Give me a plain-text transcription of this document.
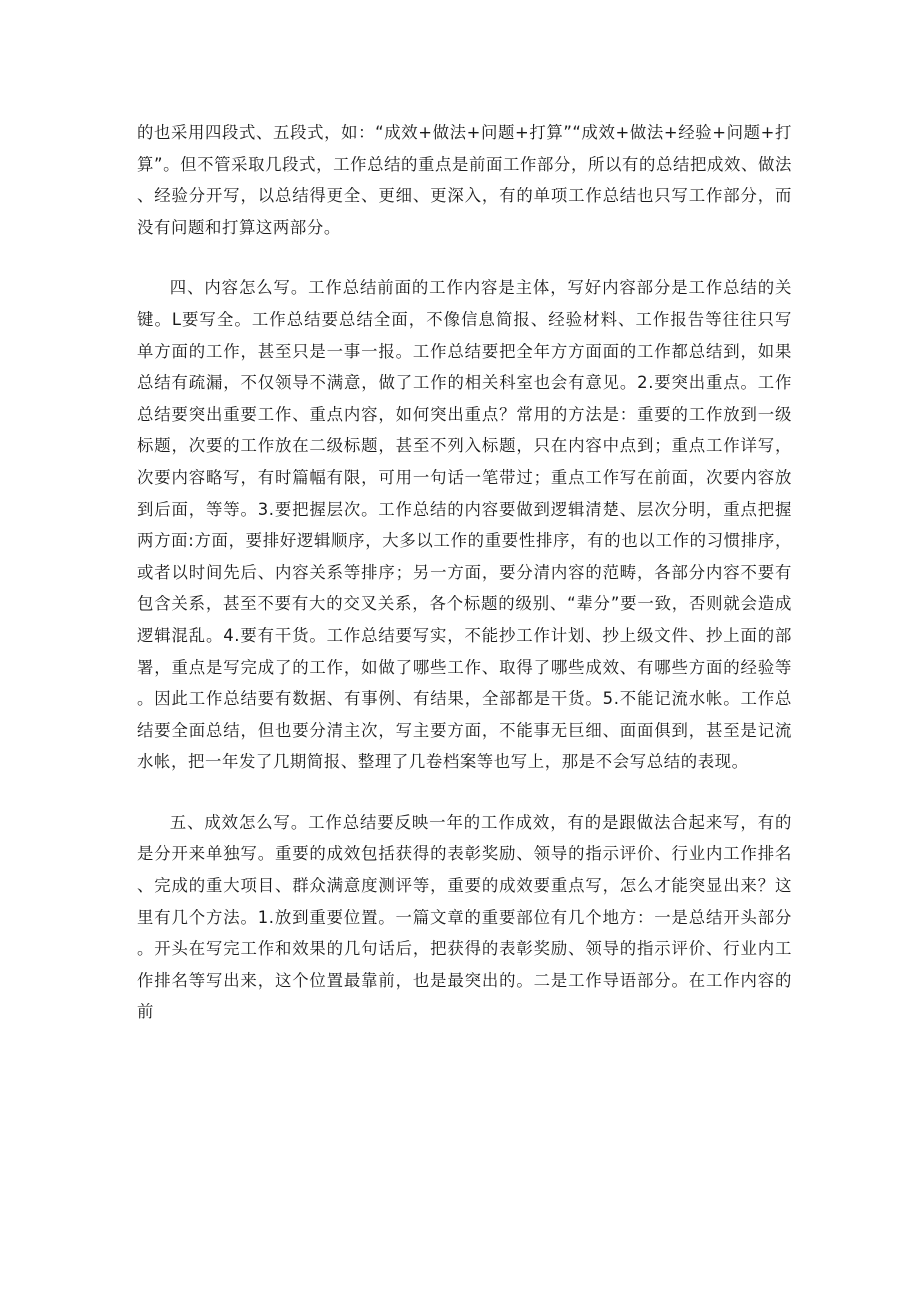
的也采用四段式、五段式，如：“成效+做法+问题+打算”“成效+做法+经验+问题+打算”。但不管采取几段式，工作总结的重点是前面工作部分，所以有的总结把成效、做法、经验分开写，以总结得更全、更细、更深入，有的单项工作总结也只写工作部分，而没有问题和打算这两部分。

四、内容怎么写。工作总结前面的工作内容是主体，写好内容部分是工作总结的关键。L要写全。工作总结要总结全面，不像信息简报、经验材料、工作报告等往往只写单方面的工作，甚至只是一事一报。工作总结要把全年方方面面的工作都总结到，如果总结有疏漏，不仅领导不满意，做了工作的相关科室也会有意见。2.要突出重点。工作总结要突出重要工作、重点内容，如何突出重点？常用的方法是：重要的工作放到一级标题，次要的工作放在二级标题，甚至不列入标题，只在内容中点到；重点工作详写，次要内容略写，有时篇幅有限，可用一句话一笔带过；重点工作写在前面，次要内容放到后面，等等。3.要把握层次。工作总结的内容要做到逻辑清楚、层次分明，重点把握两方面:方面，要排好逻辑顺序，大多以工作的重要性排序，有的也以工作的习惯排序，或者以时间先后、内容关系等排序；另一方面，要分清内容的范畴，各部分内容不要有包含关系，甚至不要有大的交叉关系，各个标题的级别、“辈分”要一致，否则就会造成逻辑混乱。4.要有干货。工作总结要写实，不能抄工作计划、抄上级文件、抄上面的部署，重点是写完成了的工作，如做了哪些工作、取得了哪些成效、有哪些方面的经验等。因此工作总结要有数据、有事例、有结果，全部都是干货。5.不能记流水帐。工作总结要全面总结，但也要分清主次，写主要方面，不能事无巨细、面面俱到，甚至是记流水帐，把一年发了几期简报、整理了几卷档案等也写上，那是不会写总结的表现。

五、成效怎么写。工作总结要反映一年的工作成效，有的是跟做法合起来写，有的是分开来单独写。重要的成效包括获得的表彰奖励、领导的指示评价、行业内工作排名、完成的重大项目、群众满意度测评等，重要的成效要重点写，怎么才能突显出来？这里有几个方法。1.放到重要位置。一篇文章的重要部位有几个地方：一是总结开头部分。开头在写完工作和效果的几句话后，把获得的表彰奖励、领导的指示评价、行业内工作排名等写出来，这个位置最靠前，也是最突出的。二是工作导语部分。在工作内容的前
